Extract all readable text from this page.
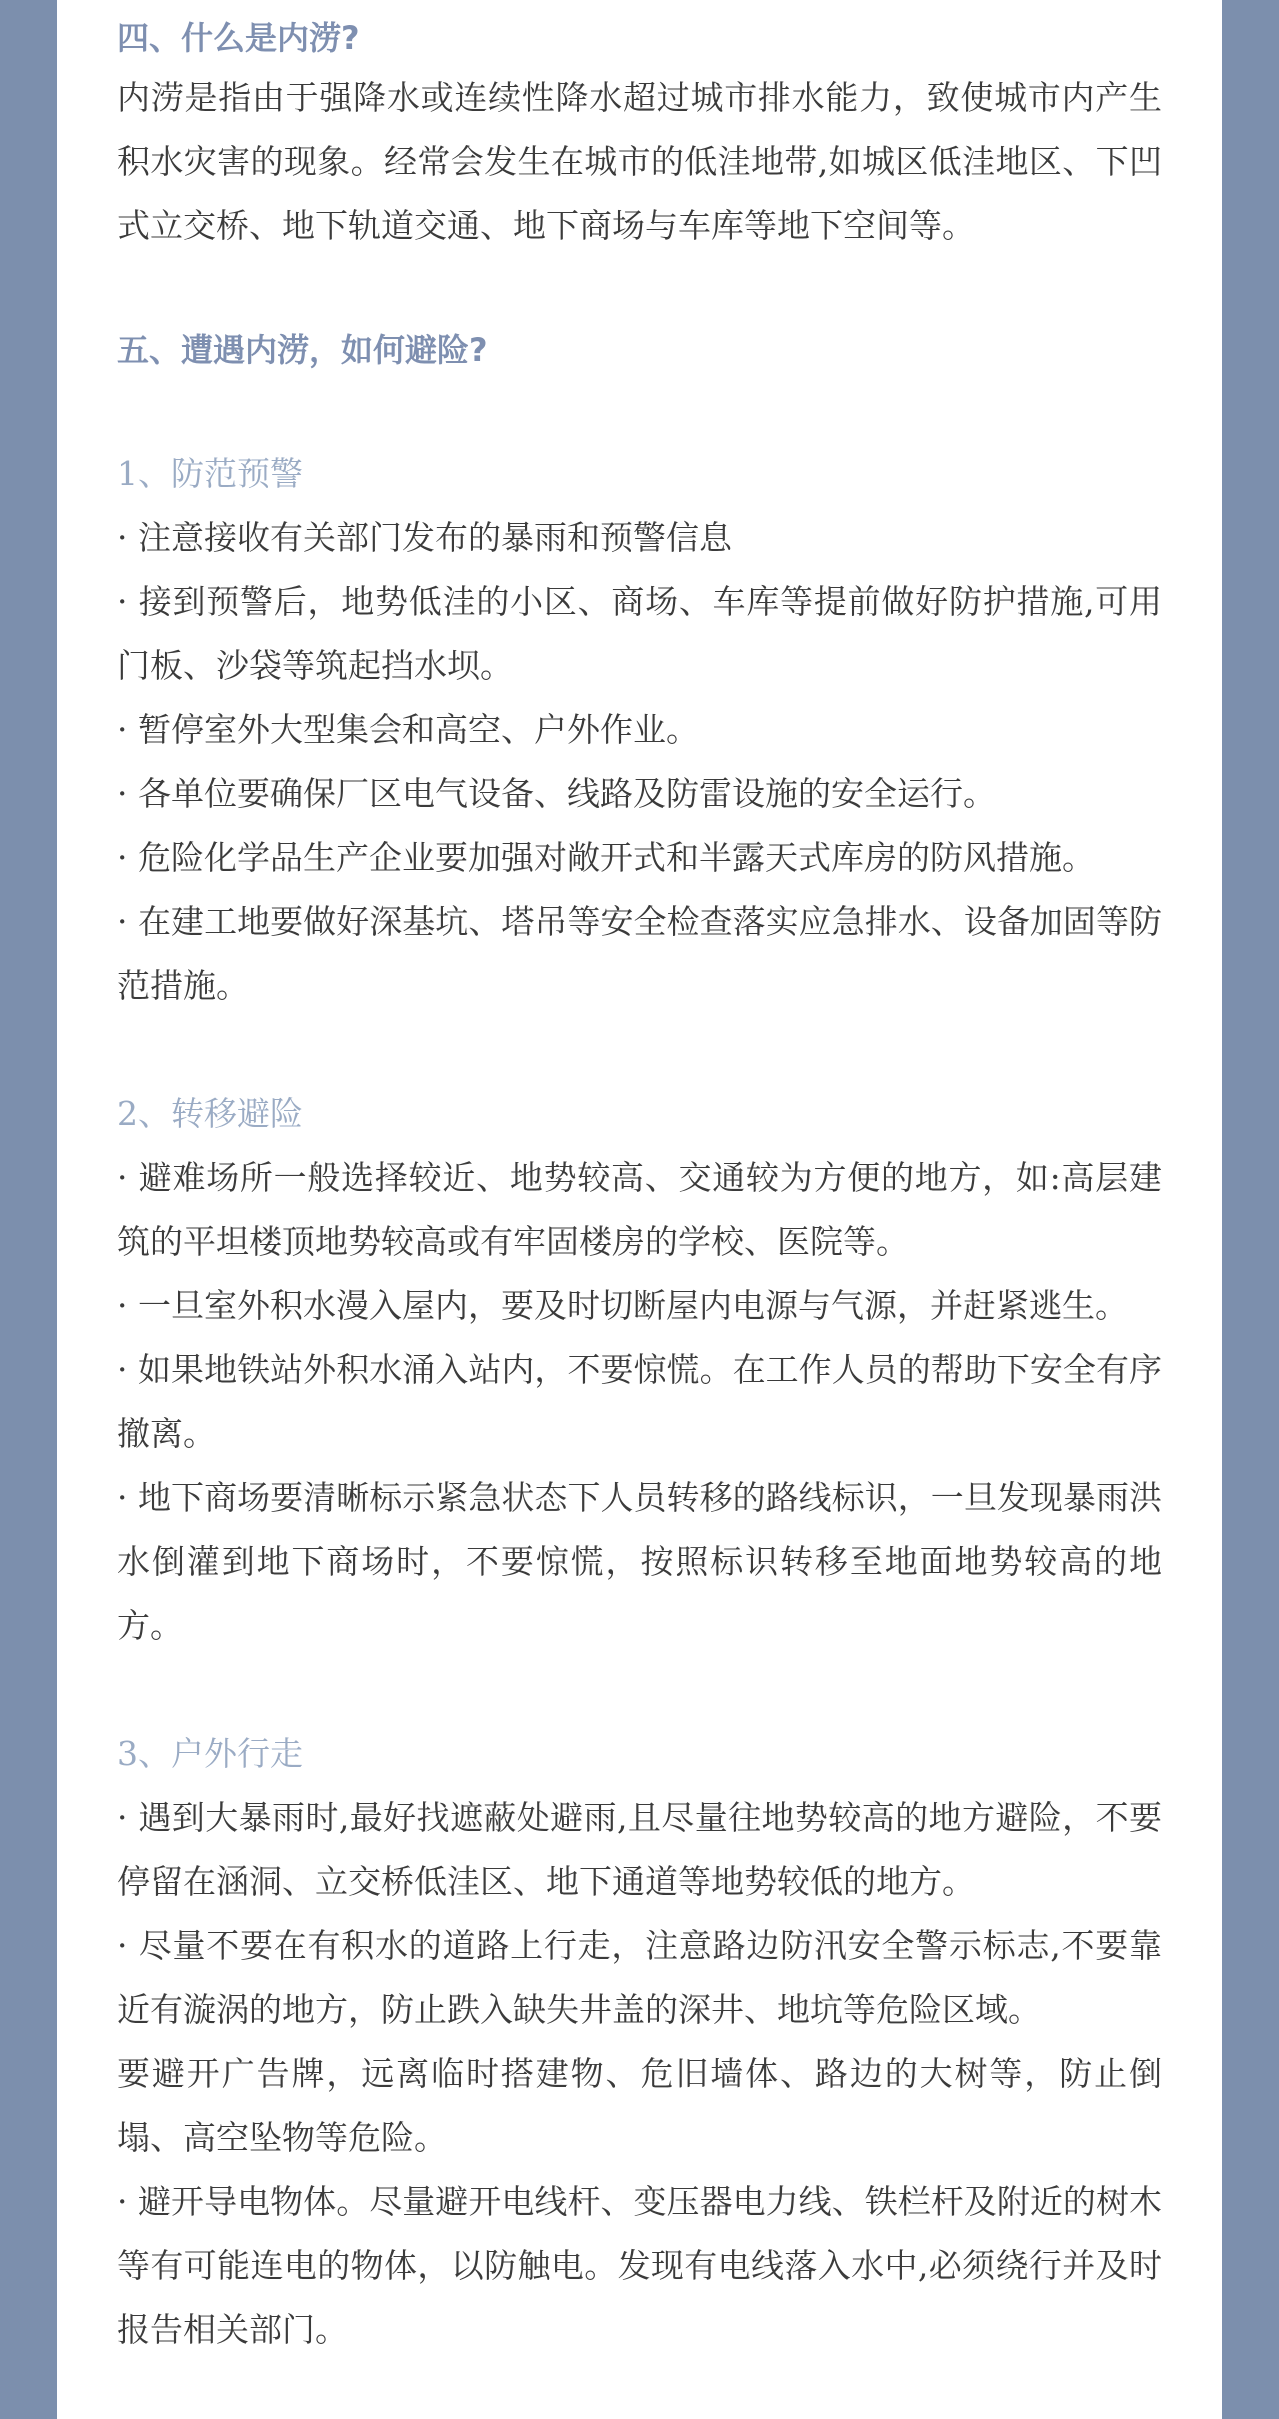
四、什么是内涝?

内涝是指由于强降水或连续性降水超过城市排水能力，致使城市内产生积水灾害的现象。经常会发生在城市的低洼地带,如城区低洼地区、下凹式立交桥、地下轨道交通、地下商场与车库等地下空间等。

五、遭遇内涝，如何避险?

1、防范预警

· 注意接收有关部门发布的暴雨和预警信息

· 接到预警后，地势低洼的小区、商场、车库等提前做好防护措施,可用门板、沙袋等筑起挡水坝。

· 暂停室外大型集会和高空、户外作业。

· 各单位要确保厂区电气设备、线路及防雷设施的安全运行。

· 危险化学品生产企业要加强对敞开式和半露天式库房的防风措施。

· 在建工地要做好深基坑、塔吊等安全检查落实应急排水、设备加固等防范措施。

2、转移避险

· 避难场所一般选择较近、地势较高、交通较为方便的地方，如:高层建筑的平坦楼顶地势较高或有牢固楼房的学校、医院等。

· 一旦室外积水漫入屋内，要及时切断屋内电源与气源，并赶紧逃生。

· 如果地铁站外积水涌入站内，不要惊慌。在工作人员的帮助下安全有序撤离。

· 地下商场要清晰标示紧急状态下人员转移的路线标识，一旦发现暴雨洪水倒灌到地下商场时，不要惊慌，按照标识转移至地面地势较高的地方。

3、户外行走

· 遇到大暴雨时,最好找遮蔽处避雨,且尽量往地势较高的地方避险，不要停留在涵洞、立交桥低洼区、地下通道等地势较低的地方。

· 尽量不要在有积水的道路上行走，注意路边防汛安全警示标志,不要靠近有漩涡的地方，防止跌入缺失井盖的深井、地坑等危险区域。

要避开广告牌，远离临时搭建物、危旧墙体、路边的大树等，防止倒塌、高空坠物等危险。

· 避开导电物体。尽量避开电线杆、变压器电力线、铁栏杆及附近的树木等有可能连电的物体，以防触电。发现有电线落入水中,必须绕行并及时报告相关部门。
